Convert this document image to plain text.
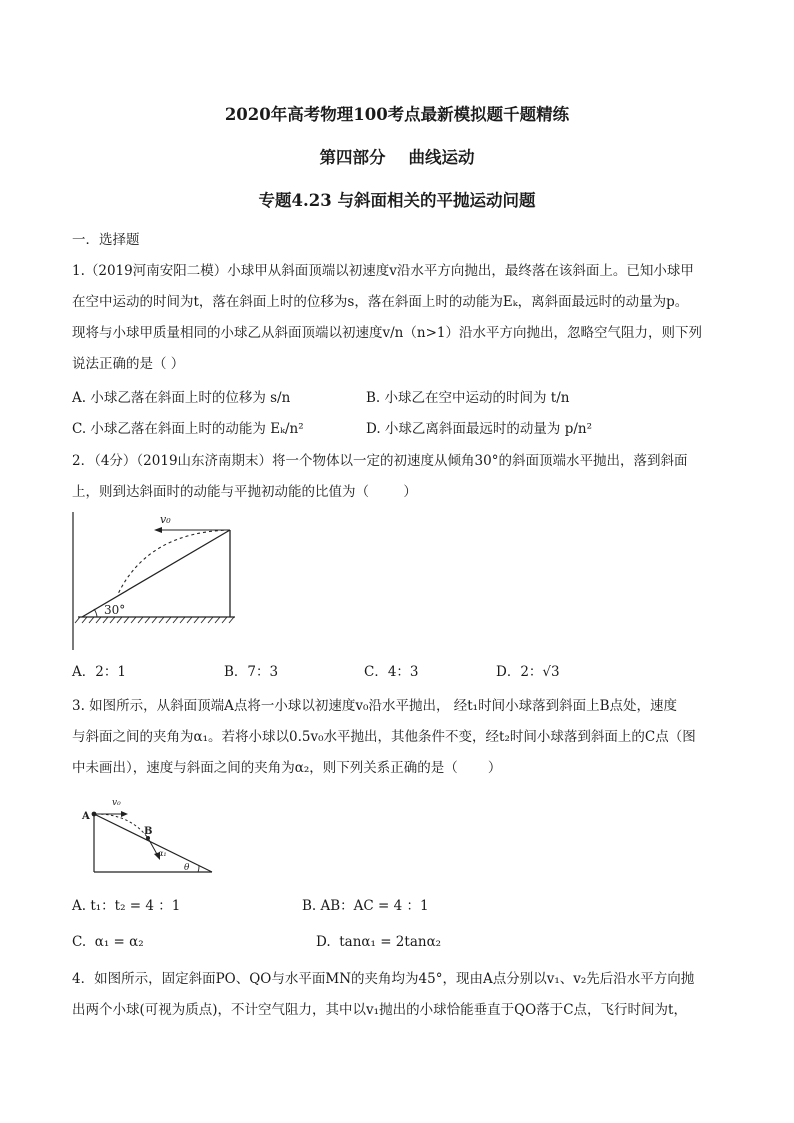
2020年高考物理100考点最新模拟题千题精练
第四部分    曲线运动
专题4.23 与斜面相关的平抛运动问题
一．选择题
1.（2019河南安阳二模）小球甲从斜面顶端以初速度v沿水平方向抛出，最终落在该斜面上。已知小球甲
在空中运动的时间为t，落在斜面上时的位移为s，落在斜面上时的动能为Eₖ，离斜面最远时的动量为p。
现将与小球甲质量相同的小球乙从斜面顶端以初速度v/n（n>1）沿水平方向抛出，忽略空气阻力，则下列
说法正确的是（ ）
A. 小球乙落在斜面上时的位移为 s/n	B. 小球乙在空中运动的时间为 t/n
C. 小球乙落在斜面上时的动能为 Eₖ/n²	D. 小球乙离斜面最远时的动量为 p/n²
2．（4分）（2019山东济南期末）将一个物体以一定的初速度从倾角30°的斜面顶端水平抛出，落到斜面
上，则到达斜面时的动能与平抛初动能的比值为（        ）
v₀
30°
A．2：1	B．7：3	C．4：3	D．2：√3
3. 如图所示，从斜面顶端A点将一小球以初速度v₀沿水平抛出， 经t₁时间小球落到斜面上B点处，速度
与斜面之间的夹角为α₁。若将小球以0.5v₀水平抛出，其他条件不变，经t₂时间小球落到斜面上的C点（图
中未画出），速度与斜面之间的夹角为α₂，则下列关系正确的是（       ）
A
v₀
B
α₁
θ
A. t₁：t₂ = 4 ：1	B. AB：AC = 4 ：1
C.  α₁ = α₂	D.  tanα₁ = 2tanα₂
4．如图所示，固定斜面PO、QO与水平面MN的夹角均为45°，现由A点分别以v₁、v₂先后沿水平方向抛
出两个小球(可视为质点)，不计空气阻力，其中以v₁抛出的小球恰能垂直于QO落于C点，飞行时间为t，
